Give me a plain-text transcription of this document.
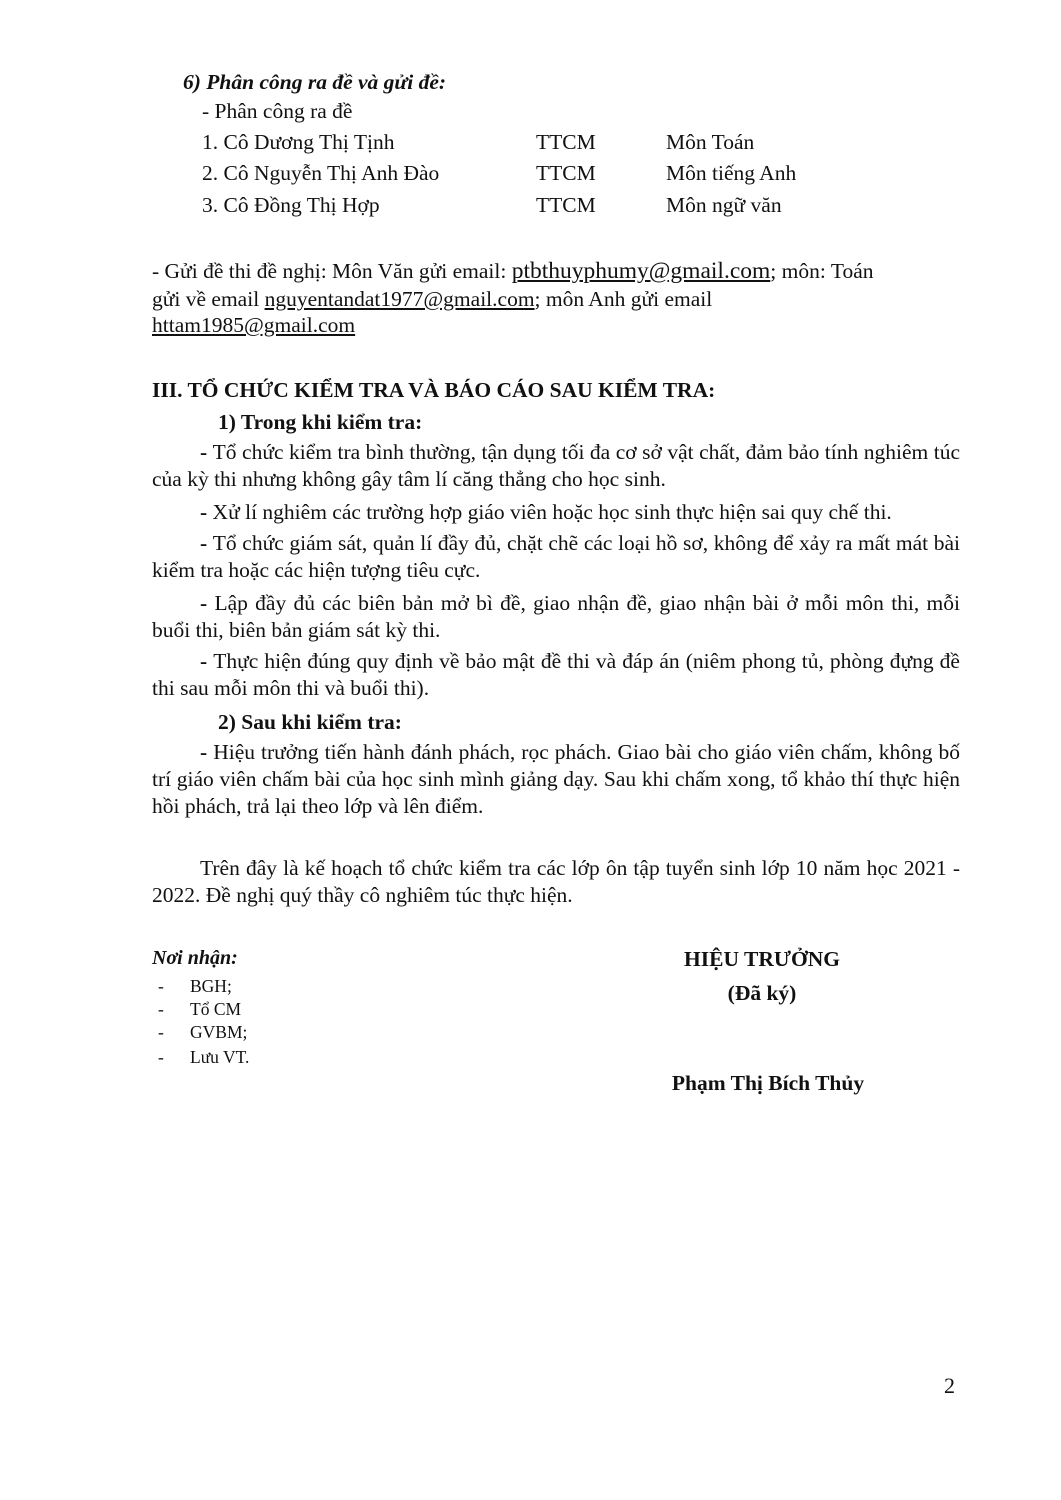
6) Phân công ra đề và gửi đề:
- Phân công ra đề
1. Cô Dương Thị Tịnh	TTCM	Môn Toán
2. Cô Nguyễn Thị Anh Đào	TTCM	Môn tiếng Anh
3. Cô Đồng Thị Hợp	TTCM	Môn ngữ văn
- Gửi đề thi đề nghị: Môn Văn gửi email: ptbthuyphumy@gmail.com; môn: Toán
gửi về email nguyentandat1977@gmail.com; môn Anh gửi email
httam1985@gmail.com
III. TỔ CHỨC KIỂM TRA VÀ BÁO CÁO SAU KIỂM TRA:
1) Trong khi kiểm tra:
- Tổ chức kiểm tra bình thường, tận dụng tối đa cơ sở vật chất, đảm bảo tính nghiêm túc của kỳ thi nhưng không gây tâm lí căng thẳng cho học sinh.
- Xử lí nghiêm các trường hợp giáo viên hoặc học sinh thực hiện sai quy chế thi.
- Tổ chức giám sát, quản lí đầy đủ, chặt chẽ các loại hồ sơ, không để xảy ra mất mát bài kiểm tra hoặc các hiện tượng tiêu cực.
- Lập đầy đủ các biên bản mở bì đề, giao nhận đề, giao nhận bài ở mỗi môn thi, mỗi buổi thi, biên bản giám sát kỳ thi.
- Thực hiện đúng quy định về bảo mật đề thi và đáp án (niêm phong tủ, phòng đựng đề thi sau mỗi môn thi và buổi thi).
2) Sau khi kiểm tra:
- Hiệu trưởng tiến hành đánh phách, rọc phách. Giao bài cho giáo viên chấm, không bố trí giáo viên chấm bài của học sinh mình giảng dạy. Sau khi chấm xong, tổ khảo thí thực hiện hồi phách, trả lại theo lớp và lên điểm.
Trên đây là kế hoạch tổ chức kiểm tra các lớp ôn tập tuyển sinh lớp 10 năm học 2021 - 2022. Đề nghị quý thầy cô nghiêm túc thực hiện.
Nơi nhận:
- BGH;
- Tổ CM
- GVBM;
- Lưu VT.
HIỆU TRƯỞNG
(Đã ký)
Phạm Thị Bích Thủy
2
